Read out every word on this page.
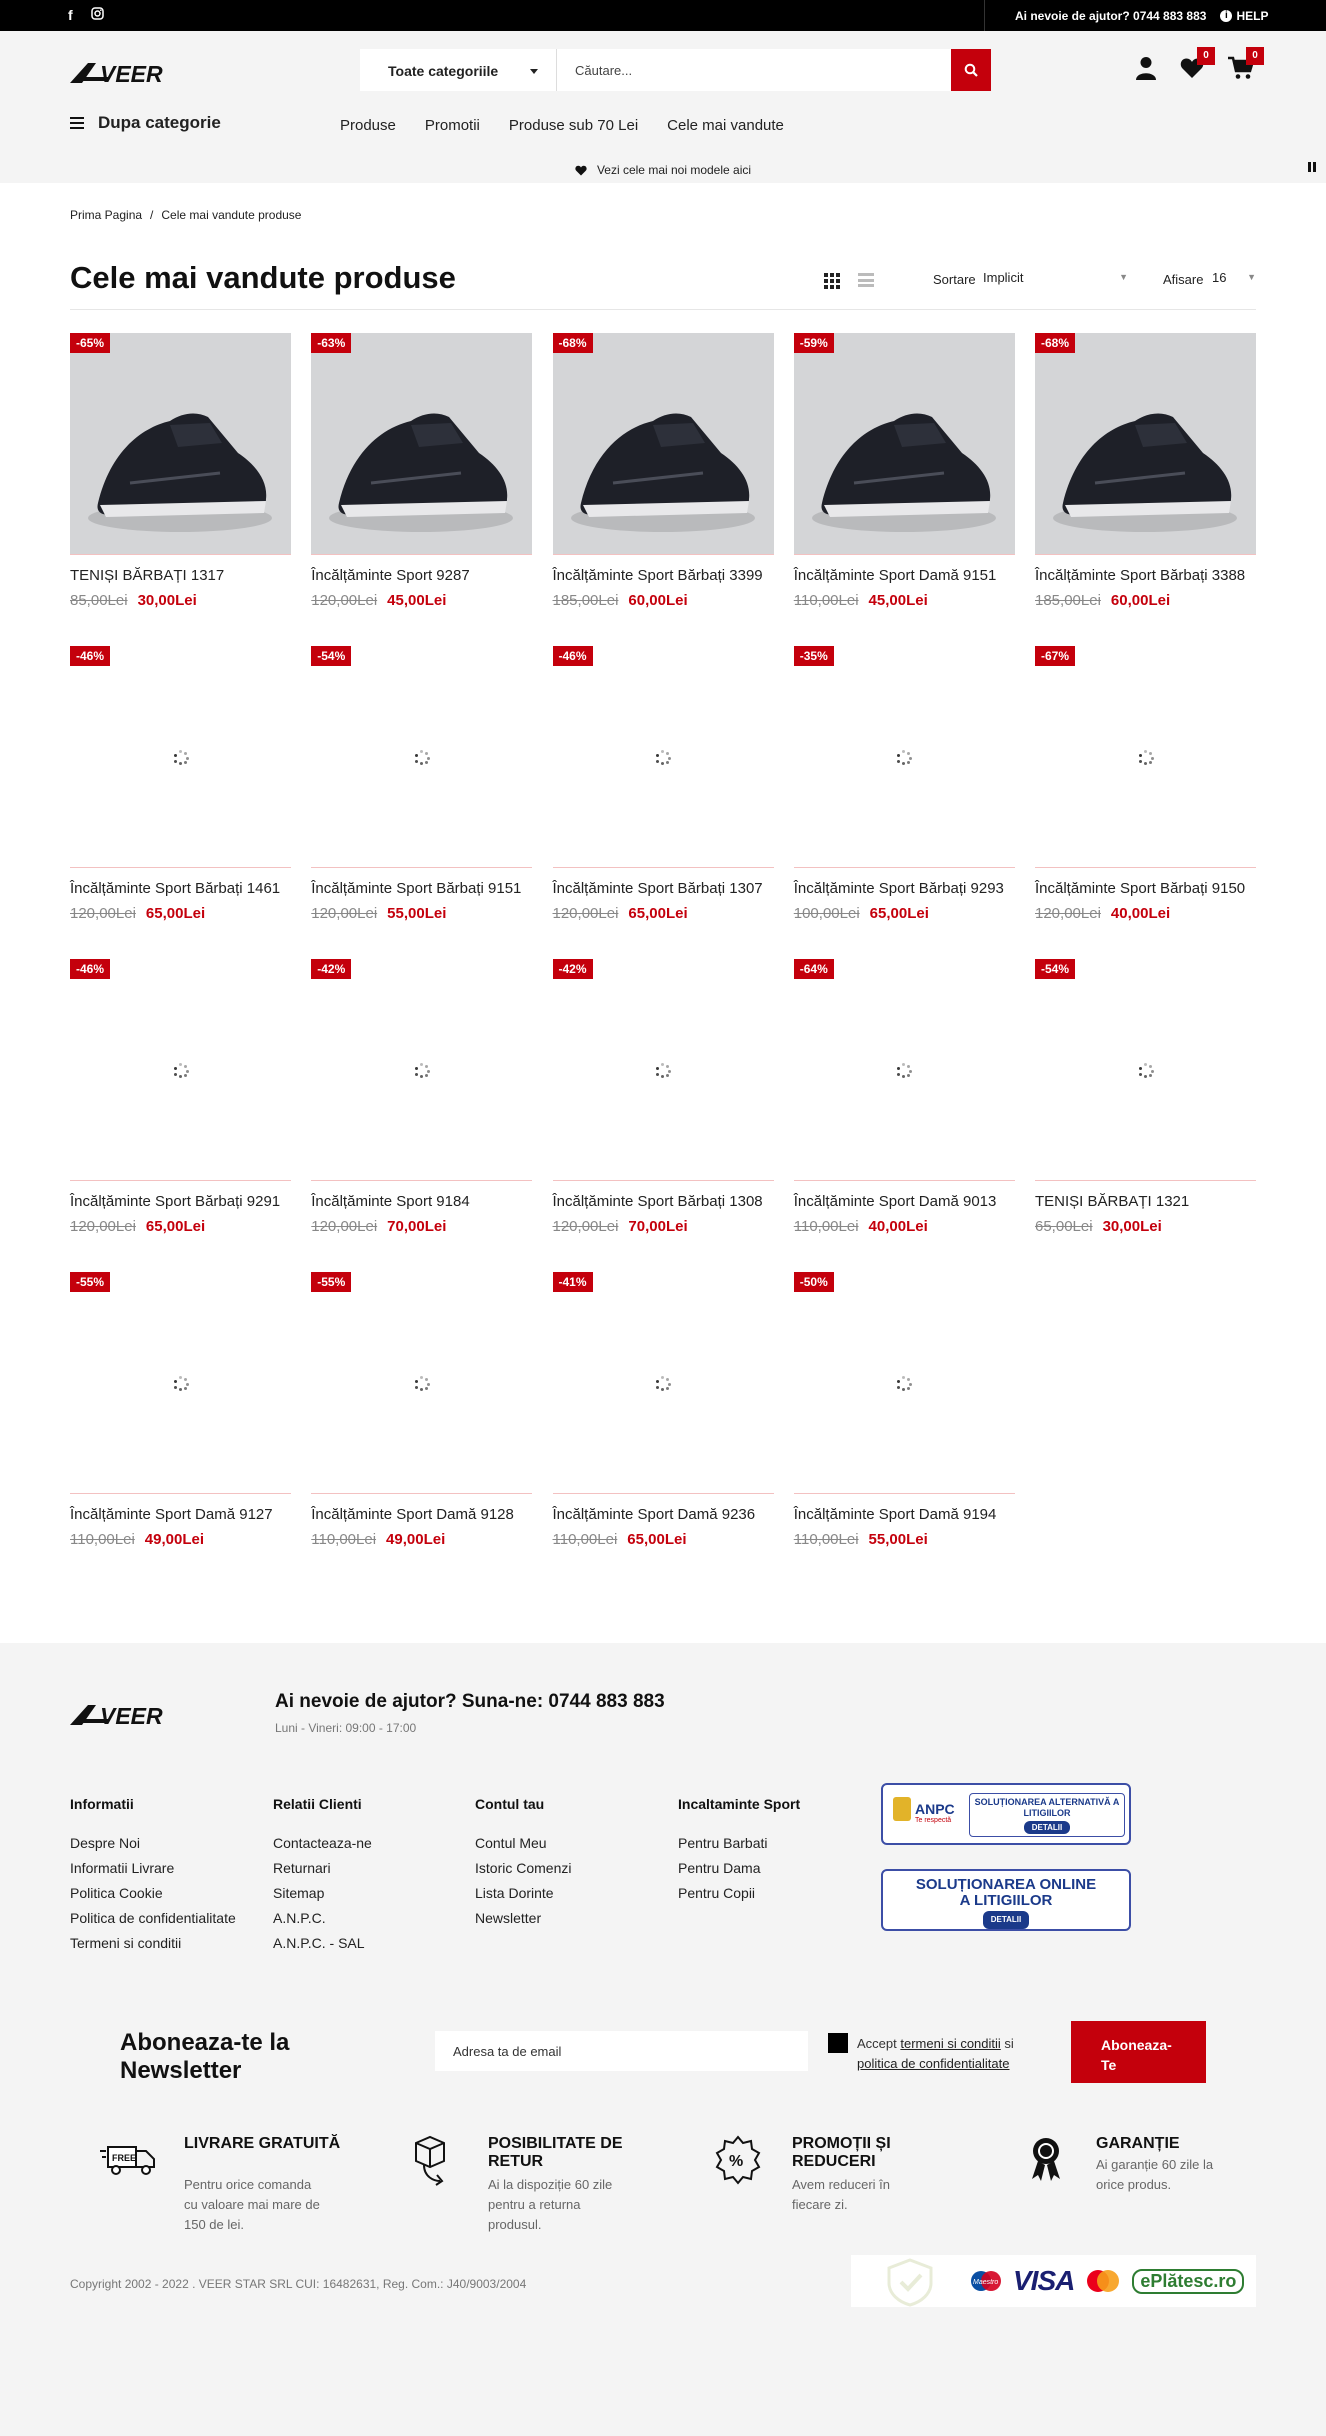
f	Ai nevoie de ajutor? 0744 883 883	i HELP
VEER	Toate categoriile
Căutare...
0	0
Dupa categorie	Produse Promotii Produse sub 70 Lei Cele mai vandute
Vezi cele mai noi modele aici
Prima Pagina / Cele mai vandute produse
Cele mai vandute produse	Sortare Implicit	▼	Afisare 16 ▼
-65%
TENIȘI BĂRBAȚI 1317
85,00Lei 30,00Lei
-63%
Încălțăminte Sport 9287
120,00Lei 45,00Lei
-68%
Încălțăminte Sport Bărbați 3399
185,00Lei 60,00Lei
-59%
Încălțăminte Sport Damă 9151
110,00Lei 45,00Lei
-68%
Încălțăminte Sport Bărbați 3388
185,00Lei 60,00Lei
-46%
Încălțăminte Sport Bărbați 1461
120,00Lei 65,00Lei
-54%
Încălțăminte Sport Bărbați 9151
120,00Lei 55,00Lei
-46%
Încălțăminte Sport Bărbați 1307
120,00Lei 65,00Lei
-35%
Încălțăminte Sport Bărbați 9293
100,00Lei 65,00Lei
-67%
Încălțăminte Sport Bărbați 9150
120,00Lei 40,00Lei
-46%
Încălțăminte Sport Bărbați 9291
120,00Lei 65,00Lei
-42%
Încălțăminte Sport 9184
120,00Lei 70,00Lei
-42%
Încălțăminte Sport Bărbați 1308
120,00Lei 70,00Lei
-64%
Încălțăminte Sport Damă 9013
110,00Lei 40,00Lei
-54%
TENIȘI BĂRBAȚI 1321
65,00Lei 30,00Lei
-55%
Încălțăminte Sport Damă 9127
110,00Lei 49,00Lei
-55%
Încălțăminte Sport Damă 9128
110,00Lei 49,00Lei
-41%
Încălțăminte Sport Damă 9236
110,00Lei 65,00Lei
-50%
Încălțăminte Sport Damă 9194
110,00Lei 55,00Lei
VEER
Ai nevoie de ajutor? Suna-ne: 0744 883 883
Luni - Vineri: 09:00 - 17:00
Informatii
Despre Noi
Informatii Livrare
Politica Cookie
Politica de confidentialitate
Termeni si conditii
Relatii Clienti
Contacteaza-ne
Returnari
Sitemap
A.N.P.C.
A.N.P.C. - SAL
Contul tau
Contul Meu
Istoric Comenzi
Lista Dorinte
Newsletter
Incaltaminte Sport
Pentru Barbati
Pentru Dama
Pentru Copii
ANPC
Te respectă
SOLUȚIONAREA ALTERNATIVĂ A LITIGIILOR
DETALII
SOLUȚIONAREA ONLINE A LITIGIILOR
DETALII
Aboneaza-te la Newsletter
Adresa ta de email
Accept termeni si conditii si politica de confidentialitate
Aboneaza-Te
FREE
LIVRARE GRATUITĂ

Pentru orice comanda cu valoare mai mare de 150 de lei.

POSIBILITATE DE RETUR

Ai la dispoziție 60 zile pentru a returna produsul.

%
PROMOȚII ȘI REDUCERI

Avem reduceri în fiecare zi.

GARANȚIE

Ai garanție 60 zile la orice produs.

Copyright 2002 - 2022 . VEER STAR SRL CUI: 16482631, Reg. Com.: J40/9003/2004	Maestro VISA	ePlătesc.ro
